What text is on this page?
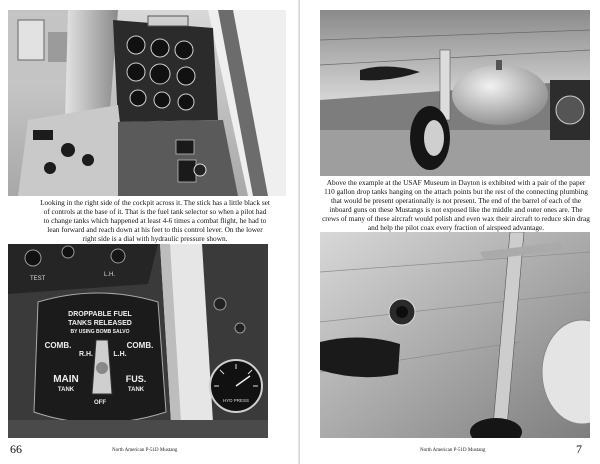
Looking in the right side of the cockpit across it. The stick has a little black set of controls at the base of it. That is the fuel tank selector so when a pilot had to change tanks which happened at least 4-6 times a combat flight, he had to lean forward and reach down at his feet to this control lever. On the lower right side is a dial with hydraulic pressure shown.

TEST
L.H.
DROPPABLE FUEL
TANKS RELEASED
BY USING BOMB SALVO
COMB.	COMB.
R.H.	L.H.
MAIN
TANK
FUS.
TANK
OFF	HYD PRESS
66	North American P-51D Mustang

Above the example at the USAF Museum in Dayton is exhibited with a pair of the paper 110 gallon drop tanks hanging on the attach points but the rest of the connecting plumbing that would be present operationally is not present. The end of the barrel of each of the inboard guns on these Mustangs is not exposed like the middle and outer ones are. The crews of many of these aircraft would polish and even wax their aircraft to reduce skin drag and help the pilot coax every fraction of airspeed advantage.

North American P-51D Mustang	7
